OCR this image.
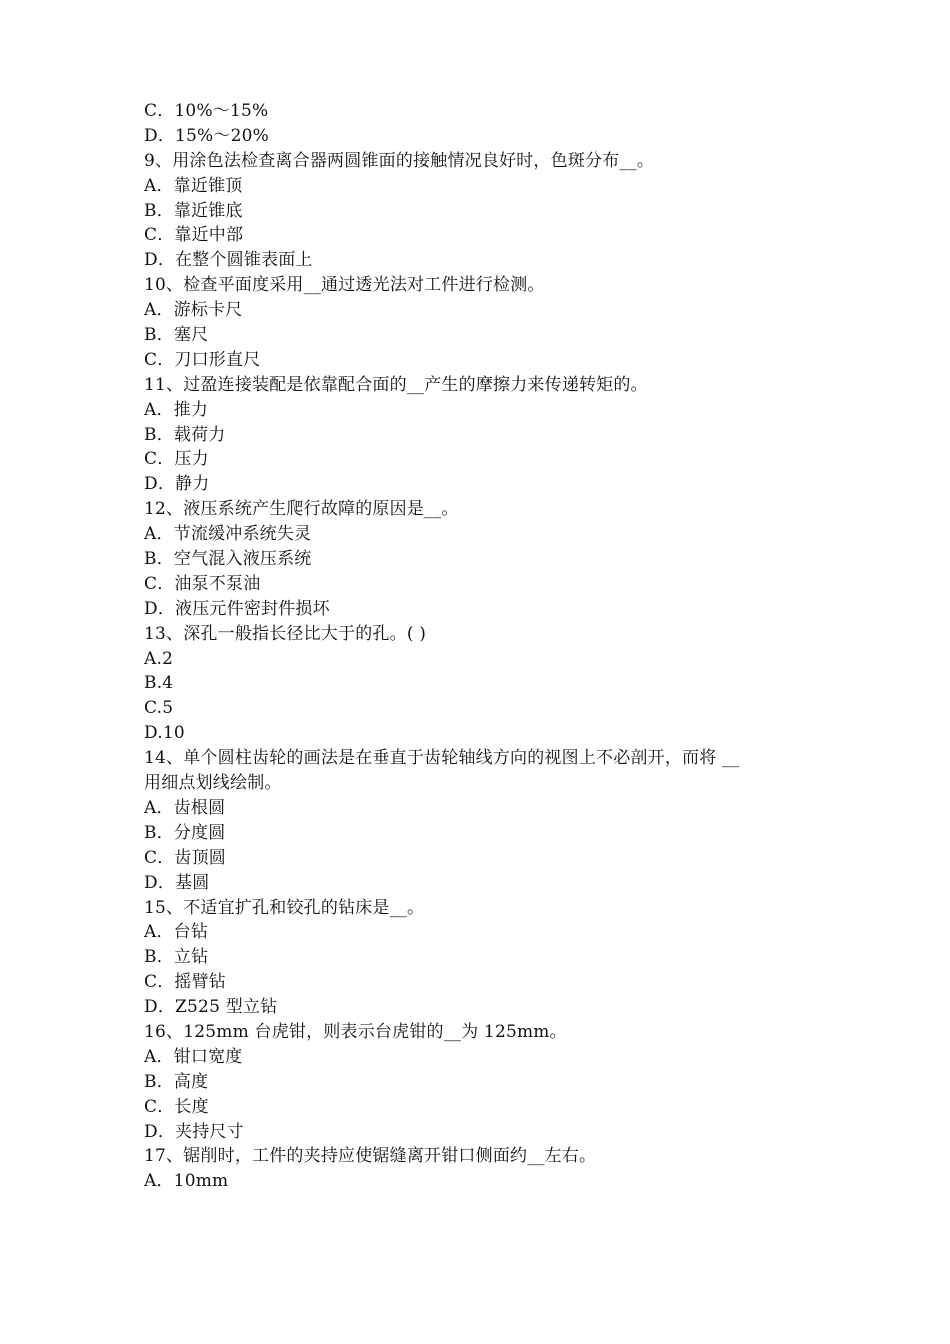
C．10%～15%
D．15%～20%
9、用涂色法检查离合器两圆锥面的接触情况良好时，色斑分布__。
A．靠近锥顶
B．靠近锥底
C．靠近中部
D．在整个圆锥表面上
10、检查平面度采用__通过透光法对工件进行检测。
A．游标卡尺
B．塞尺
C．刀口形直尺
11、过盈连接装配是依靠配合面的__产生的摩擦力来传递转矩的。
A．推力
B．载荷力
C．压力
D．静力
12、液压系统产生爬行故障的原因是__。
A．节流缓冲系统失灵
B．空气混入液压系统
C．油泵不泵油
D．液压元件密封件损坏
13、深孔一般指长径比大于的孔。( )
A.2
B.4
C.5
D.10
14、单个圆柱齿轮的画法是在垂直于齿轮轴线方向的视图上不必剖开，而将 __
用细点划线绘制。
A．齿根圆
B．分度圆
C．齿顶圆
D．基圆
15、不适宜扩孔和铰孔的钻床是__。
A．台钻
B．立钻
C．摇臂钻
D．Z525 型立钻
16、125mm 台虎钳，则表示台虎钳的__为 125mm。
A．钳口宽度
B．高度
C．长度
D．夹持尺寸
17、锯削时，工件的夹持应使锯缝离开钳口侧面约__左右。
A．10mm
